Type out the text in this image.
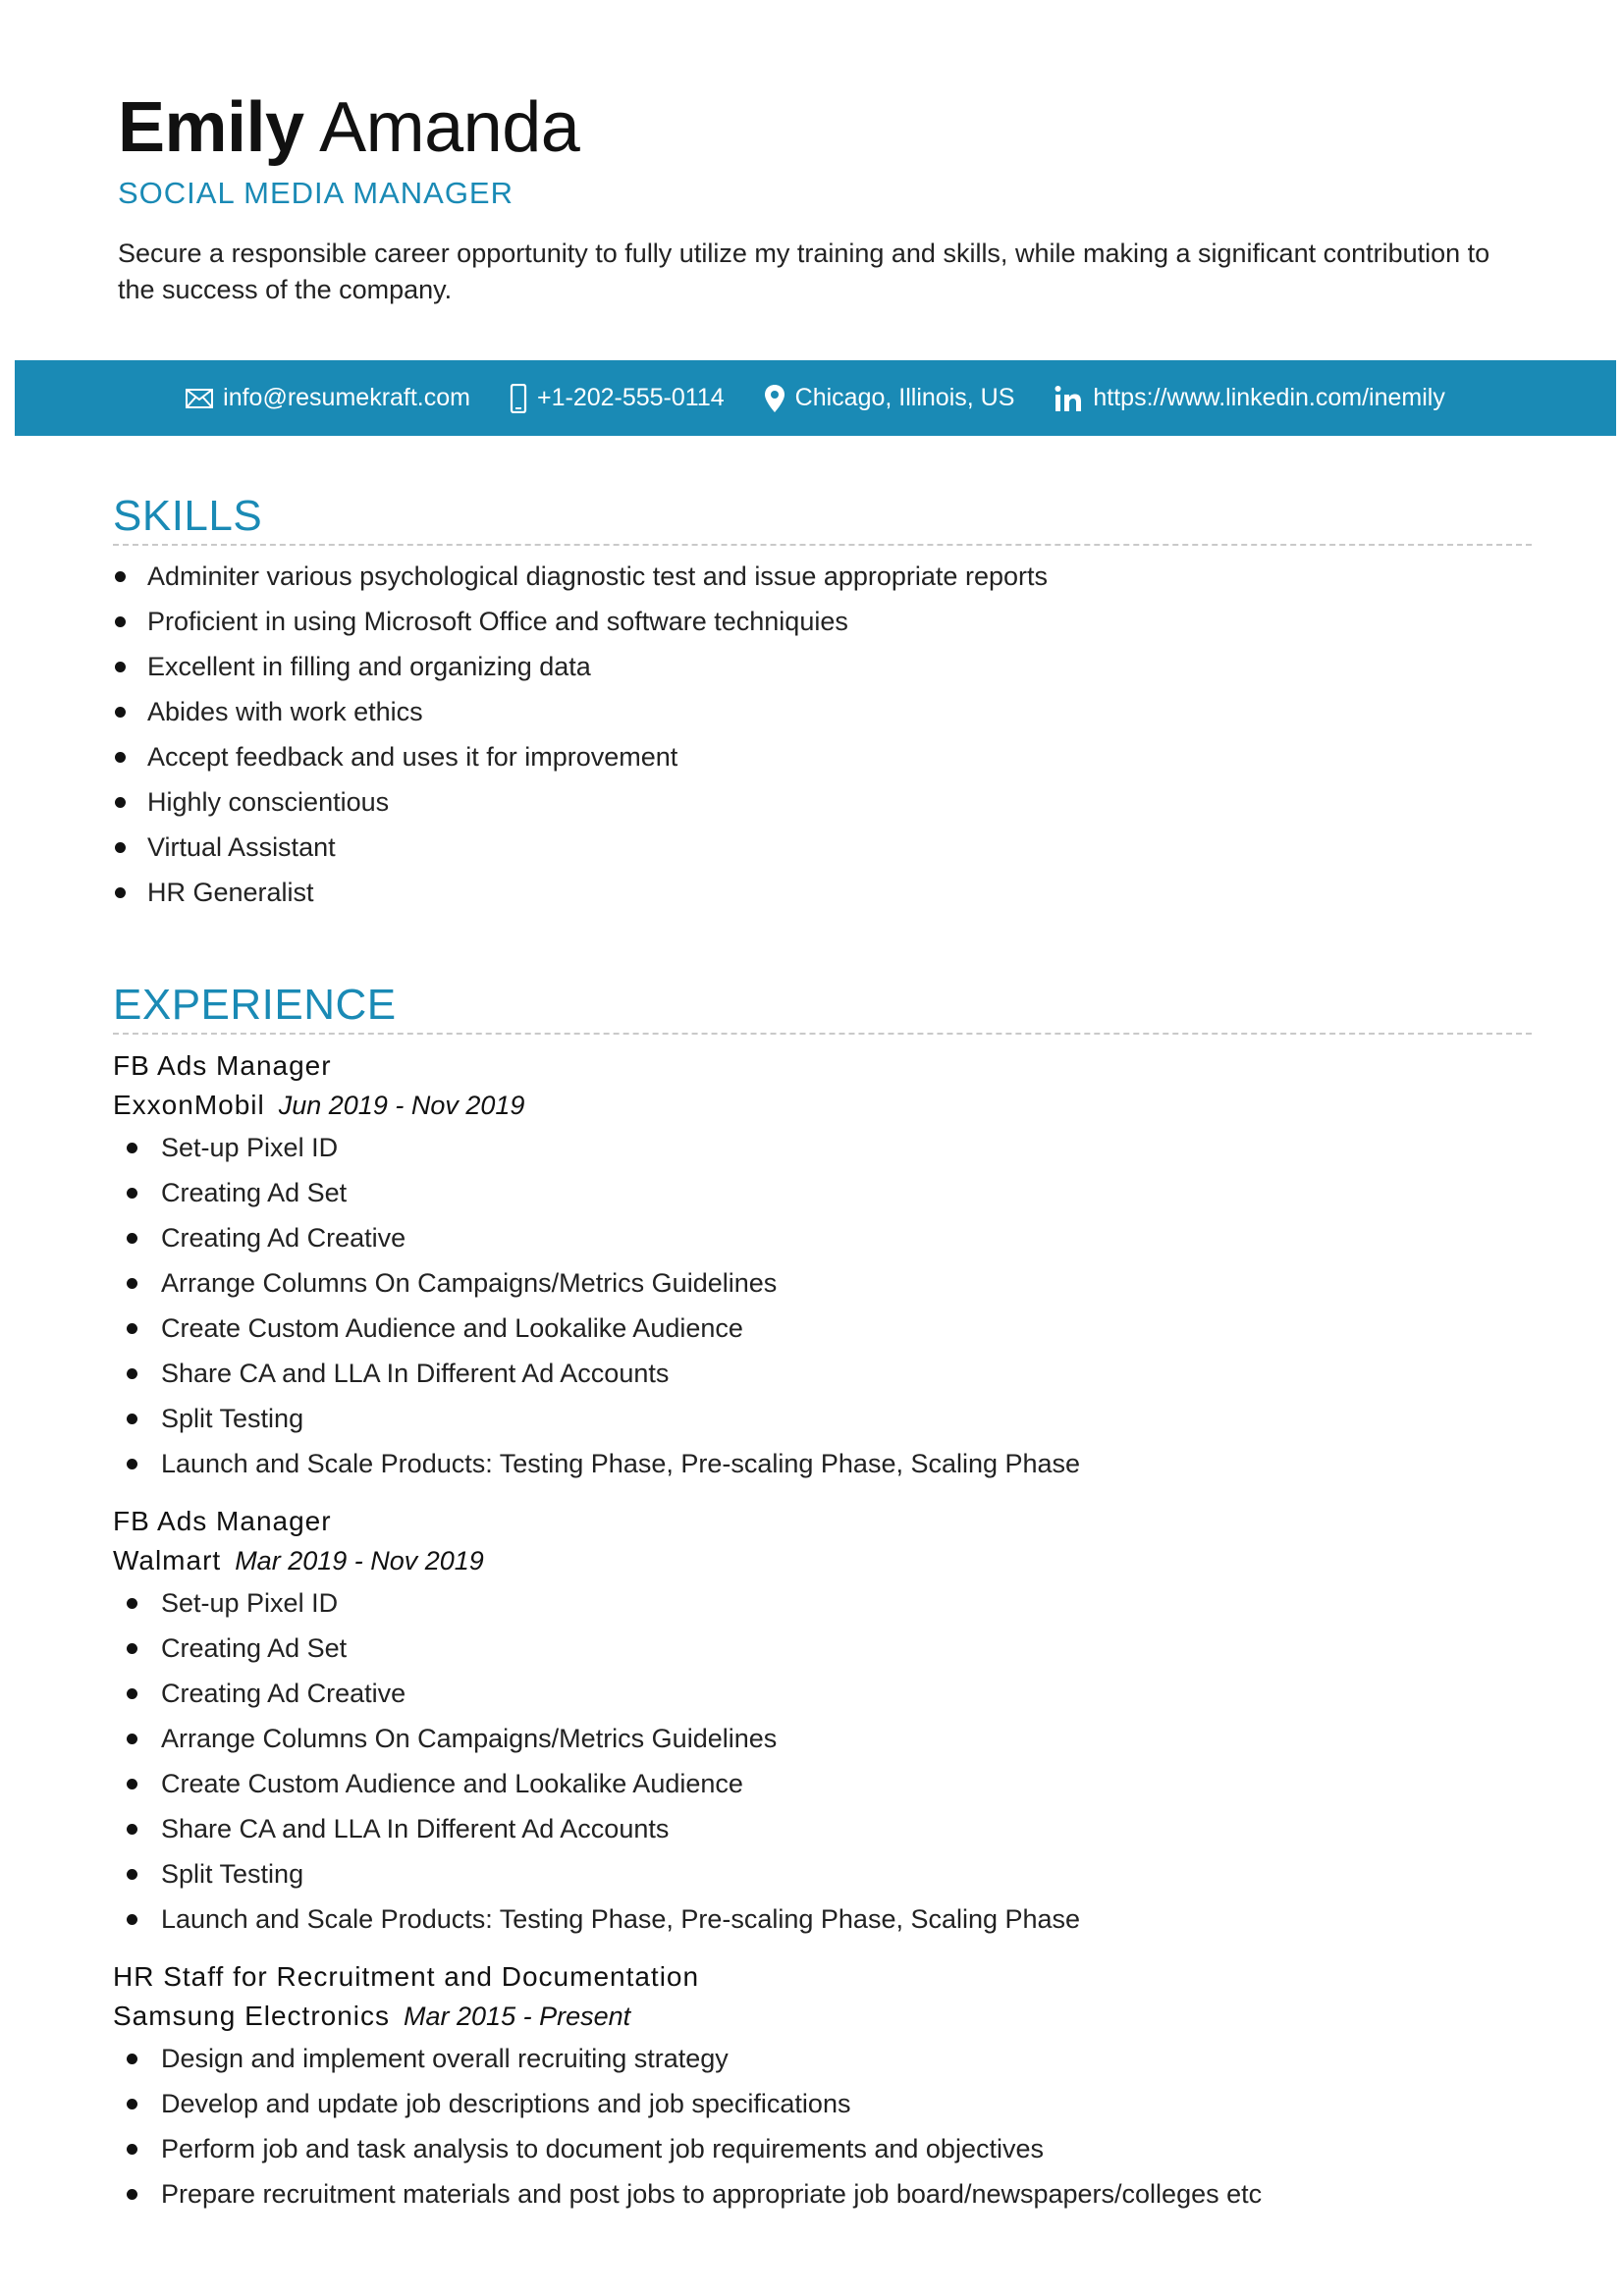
Emily Amanda
SOCIAL MEDIA MANAGER
Secure a responsible career opportunity to fully utilize my training and skills, while making a significant contribution to the success of the company.
info@resumekraft.com	+1-202-555-0114	Chicago, Illinois, US	https://www.linkedin.com/inemily
SKILLS
Adminiter various psychological diagnostic test and issue appropriate reports
Proficient in using Microsoft Office and software techniquies
Excellent in filling and organizing data
Abides with work ethics
Accept feedback and uses it for improvement
Highly conscientious
Virtual Assistant
HR Generalist
EXPERIENCE
FB Ads Manager
ExxonMobil Jun 2019 - Nov 2019
Set-up Pixel ID
Creating Ad Set
Creating Ad Creative
Arrange Columns On Campaigns/Metrics Guidelines
Create Custom Audience and Lookalike Audience
Share CA and LLA In Different Ad Accounts
Split Testing
Launch and Scale Products: Testing Phase, Pre-scaling Phase, Scaling Phase
FB Ads Manager
Walmart Mar 2019 - Nov 2019
Set-up Pixel ID
Creating Ad Set
Creating Ad Creative
Arrange Columns On Campaigns/Metrics Guidelines
Create Custom Audience and Lookalike Audience
Share CA and LLA In Different Ad Accounts
Split Testing
Launch and Scale Products: Testing Phase, Pre-scaling Phase, Scaling Phase
HR Staff for Recruitment and Documentation
Samsung Electronics Mar 2015 - Present
Design and implement overall recruiting strategy
Develop and update job descriptions and job specifications
Perform job and task analysis to document job requirements and objectives
Prepare recruitment materials and post jobs to appropriate job board/newspapers/colleges etc
